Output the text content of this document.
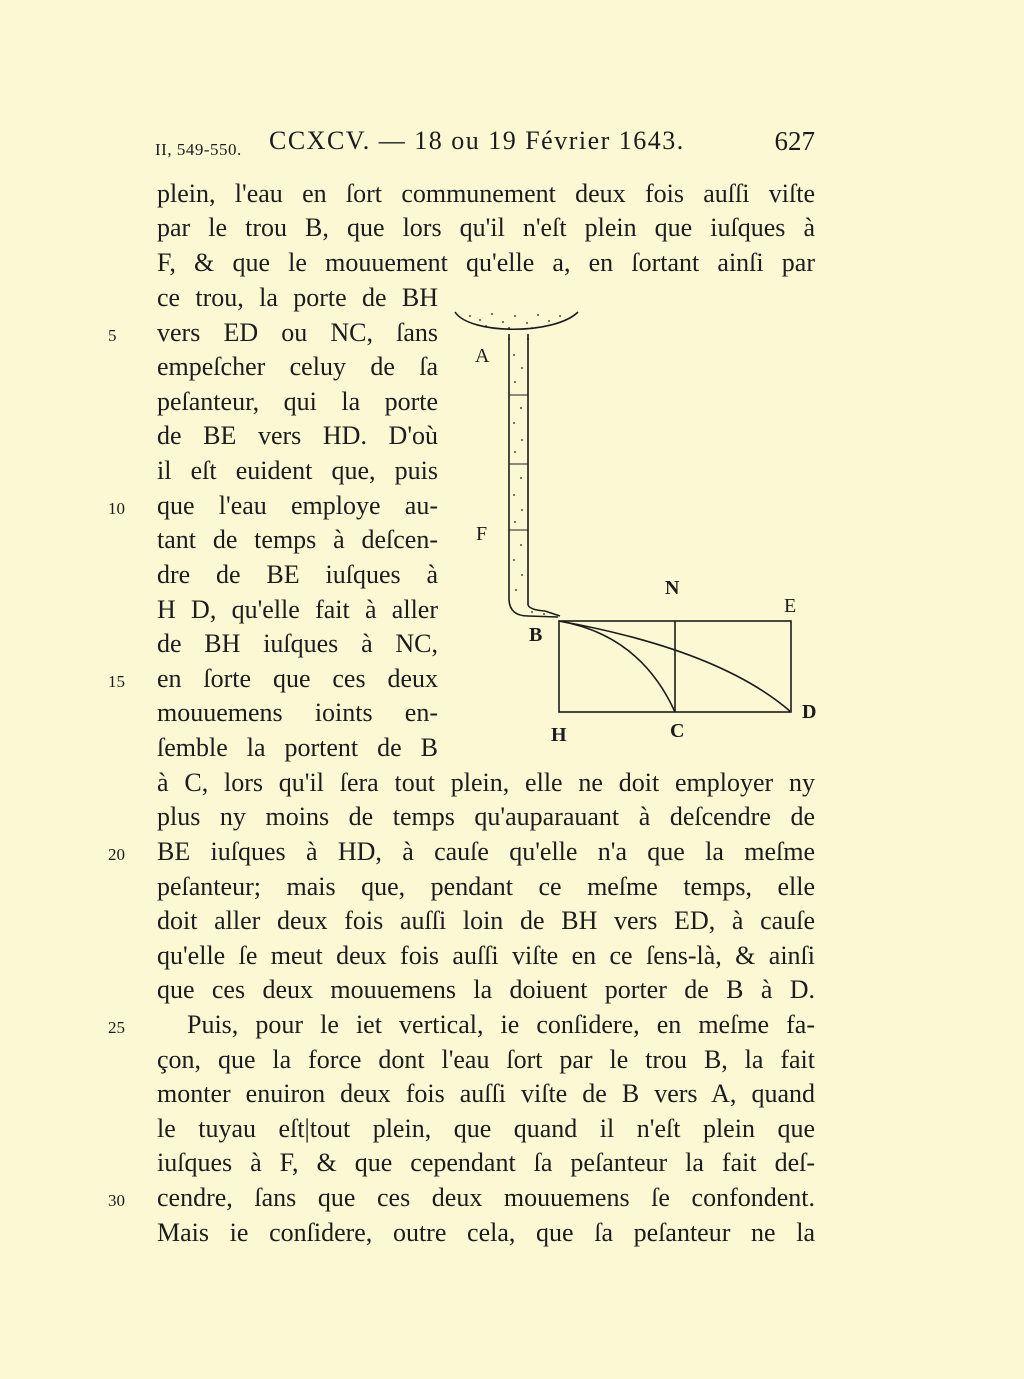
II, 549-550. CCXCV. — 18 ou 19 Février 1643.	627
plein, l'eau en ſort communement deux fois auſſi viſte
par le trou B, que lors qu'il n'eſt plein que iuſques à
F, & que le mouuement qu'elle a, en ſortant ainſi par
ce trou, la porte de BH
vers ED ou NC, ſans
empeſcher celuy de ſa
peſanteur, qui la porte
de BE vers HD. D'où
il eſt euident que, puis
que l'eau employe au-
tant de temps à deſcen-
dre de BE iuſques à
H D, qu'elle fait à aller
de BH iuſques à NC,
en ſorte que ces deux
mouuemens ioints en-
ſemble la portent de B
à C, lors qu'il ſera tout plein, elle ne doit employer ny
plus ny moins de temps qu'auparauant à deſcendre de
BE iuſques à HD, à cauſe qu'elle n'a que la meſme
peſanteur; mais que, pendant ce meſme temps, elle
doit aller deux fois auſſi loin de BH vers ED, à cauſe
qu'elle ſe meut deux fois auſſi viſte en ce ſens-là, & ainſi
que ces deux mouuemens la doiuent porter de B à D.
Puis, pour le iet vertical, ie conſidere, en meſme fa-
çon, que la force dont l'eau ſort par le trou B, la fait
monter enuiron deux fois auſſi viſte de B vers A, quand
le tuyau eſt|tout plein, que quand il n'eſt plein que
iuſques à F, & que cependant ſa peſanteur la fait deſ-
cendre, ſans que ces deux mouuemens ſe confondent.
Mais ie conſidere, outre cela, que ſa peſanteur ne la
5
10
15
20
25
30
A
F
B
N
E
H	C
D
